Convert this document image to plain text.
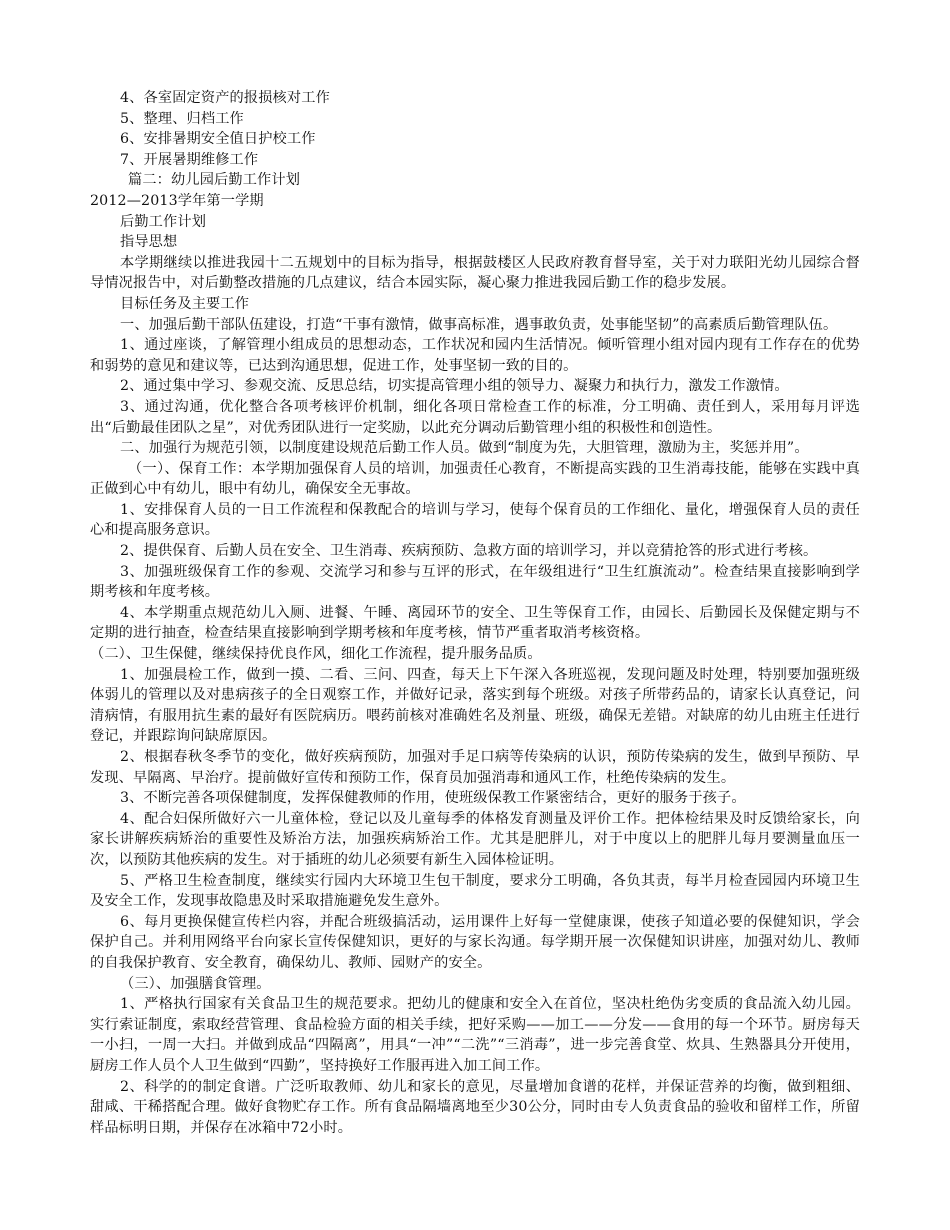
4、各室固定资产的报损核对工作

5、整理、归档工作

6、安排暑期安全值日护校工作

7、开展暑期维修工作

篇二：幼儿园后勤工作计划

2012—2013学年第一学期

后勤工作计划

指导思想

本学期继续以推进我园十二五规划中的目标为指导，根据鼓楼区人民政府教育督导室，关于对力联阳光幼儿园综合督导情况报告中，对后勤整改措施的几点建议，结合本园实际，凝心聚力推进我园后勤工作的稳步发展。

目标任务及主要工作

一、加强后勤干部队伍建设，打造“干事有激情，做事高标准，遇事敢负责，处事能坚韧”的高素质后勤管理队伍。

1、通过座谈，了解管理小组成员的思想动态，工作状况和园内生活情况。倾听管理小组对园内现有工作存在的优势和弱势的意见和建议等，已达到沟通思想，促进工作，处事坚韧一致的目的。

2、通过集中学习、参观交流、反思总结，切实提高管理小组的领导力、凝聚力和执行力，激发工作激情。

3、通过沟通，优化整合各项考核评价机制，细化各项日常检查工作的标准，分工明确、责任到人，采用每月评选出“后勤最佳团队之星”，对优秀团队进行一定奖励，以此充分调动后勤管理小组的积极性和创造性。

二、加强行为规范引领，以制度建设规范后勤工作人员。做到“制度为先，大胆管理，激励为主，奖惩并用”。

（一）、保育工作：本学期加强保育人员的培训，加强责任心教育，不断提高实践的卫生消毒技能，能够在实践中真正做到心中有幼儿，眼中有幼儿，确保安全无事故。

1、安排保育人员的一日工作流程和保教配合的培训与学习，使每个保育员的工作细化、量化，增强保育人员的责任心和提高服务意识。

2、提供保育、后勤人员在安全、卫生消毒、疾病预防、急救方面的培训学习，并以竞猜抢答的形式进行考核。

3、加强班级保育工作的参观、交流学习和参与互评的形式，在年级组进行“卫生红旗流动”。检查结果直接影响到学期考核和年度考核。

4、本学期重点规范幼儿入厕、进餐、午睡、离园环节的安全、卫生等保育工作，由园长、后勤园长及保健定期与不定期的进行抽查，检查结果直接影响到学期考核和年度考核，情节严重者取消考核资格。

（二）、卫生保健，继续保持优良作风，细化工作流程，提升服务品质。

1、加强晨检工作，做到一摸、二看、三问、四查，每天上下午深入各班巡视，发现问题及时处理，特别要加强班级体弱儿的管理以及对患病孩子的全日观察工作，并做好记录，落实到每个班级。对孩子所带药品的，请家长认真登记，问清病情，有服用抗生素的最好有医院病历。喂药前核对准确姓名及剂量、班级，确保无差错。对缺席的幼儿由班主任进行登记，并跟踪询问缺席原因。

2、根据春秋冬季节的变化，做好疾病预防，加强对手足口病等传染病的认识，预防传染病的发生，做到早预防、早发现、早隔离、早治疗。提前做好宣传和预防工作，保育员加强消毒和通风工作，杜绝传染病的发生。

3、不断完善各项保健制度，发挥保健教师的作用，使班级保教工作紧密结合，更好的服务于孩子。

4、配合妇保所做好六一儿童体检，登记以及儿童每季的体格发育测量及评价工作。把体检结果及时反馈给家长，向家长讲解疾病矫治的重要性及矫治方法，加强疾病矫治工作。尤其是肥胖儿，对于中度以上的肥胖儿每月要测量血压一次，以预防其他疾病的发生。对于插班的幼儿必须要有新生入园体检证明。

5、严格卫生检查制度，继续实行园内大环境卫生包干制度，要求分工明确，各负其责，每半月检查园园内环境卫生及安全工作，发现事故隐患及时采取措施避免发生意外。

6、每月更换保健宣传栏内容，并配合班级搞活动，运用课件上好每一堂健康课，使孩子知道必要的保健知识，学会保护自己。并利用网络平台向家长宣传保健知识，更好的与家长沟通。每学期开展一次保健知识讲座，加强对幼儿、教师的自我保护教育、安全教育，确保幼儿、教师、园财产的安全。

（三）、加强膳食管理。

1、严格执行国家有关食品卫生的规范要求。把幼儿的健康和安全入在首位，坚决杜绝伪劣变质的食品流入幼儿园。实行索证制度，索取经营管理、食品检验方面的相关手续，把好采购——加工——分发——食用的每一个环节。厨房每天一小扫，一周一大扫。并做到成品“四隔离”，用具“一冲”“二洗”“三消毒”，进一步完善食堂、炊具、生熟器具分开使用，厨房工作人员个人卫生做到“四勤”，坚持换好工作服再进入加工间工作。

2、科学的的制定食谱。广泛听取教师、幼儿和家长的意见，尽量增加食谱的花样，并保证营养的均衡，做到粗细、甜咸、干稀搭配合理。做好食物贮存工作。所有食品隔墙离地至少30公分，同时由专人负责食品的验收和留样工作，所留样品标明日期，并保存在冰箱中72小时。
